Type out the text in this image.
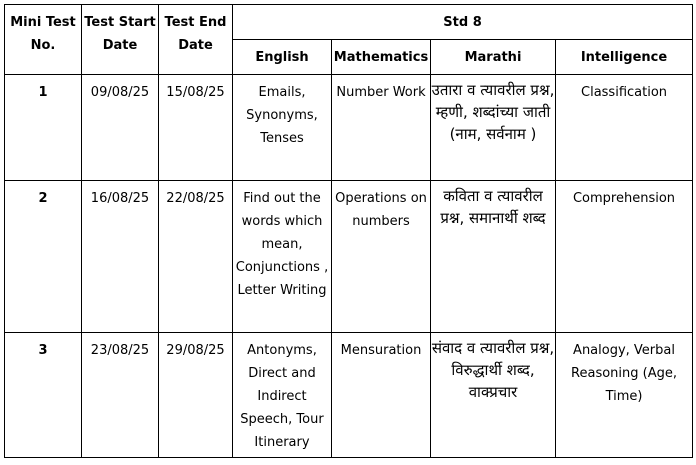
Mini Test No.	Test Start Date	Test End Date	Std 8			
			English	Mathematics	Marathi	Intelligence
1	09/08/25	15/08/25	Emails, Synonyms, Tenses	Number Work	उतारा व त्यावरील प्रश्न, म्हणी, शब्दांच्या जाती (नाम, सर्वनाम )	Classification
2	16/08/25	22/08/25	Find out the words which mean, Conjunctions , Letter Writing	Operations on numbers	कविता व त्यावरील प्रश्न, समानार्थी शब्द	Comprehension
3	23/08/25	29/08/25	Antonyms, Direct and Indirect Speech, Tour Itinerary	Mensuration	संवाद व त्यावरील प्रश्न, विरुद्धार्थी शब्द, वाक्प्रचार	Analogy, Verbal Reasoning (Age, Time)
